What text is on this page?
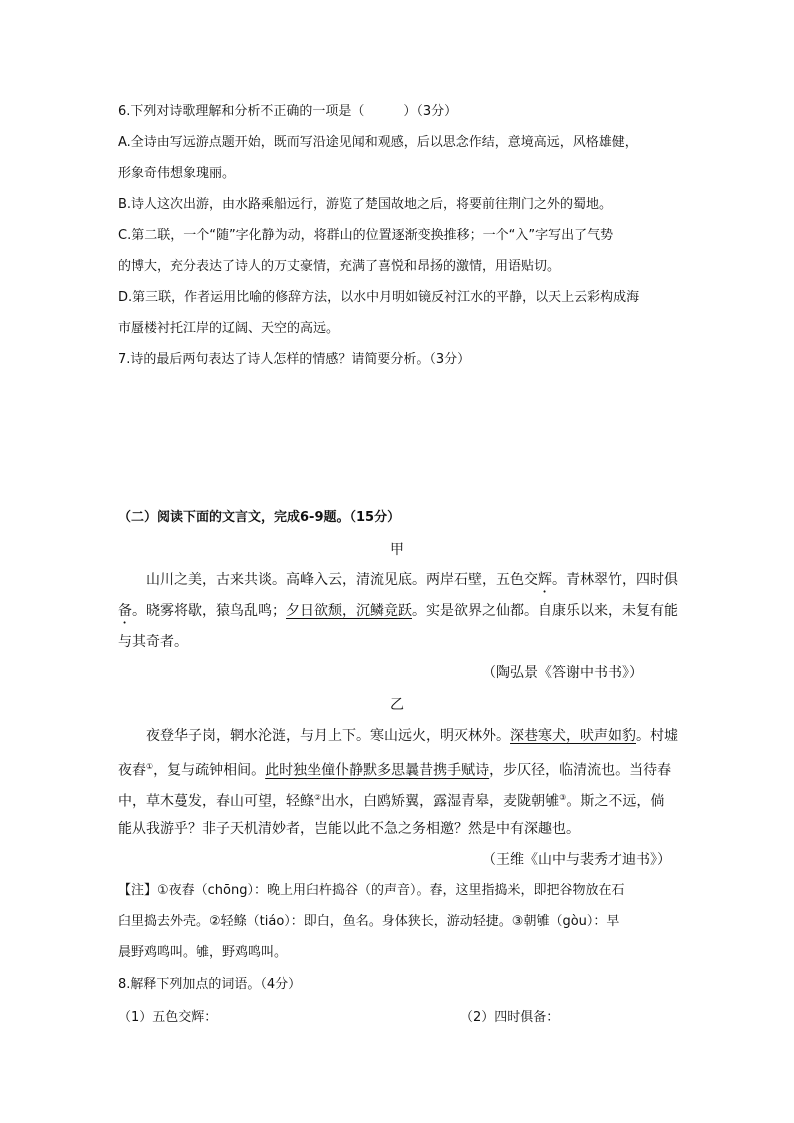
6.下列对诗歌理解和分析不正确的一项是（　　　）（3分）
A.全诗由写远游点题开始，既而写沿途见闻和观感，后以思念作结，意境高远，风格雄健，
形象奇伟想象瑰丽。
B.诗人这次出游，由水路乘船远行，游览了楚国故地之后，将要前往荆门之外的蜀地。
C.第二联，一个“随”字化静为动，将群山的位置逐渐变换推移；一个“入”字写出了气势
的博大，充分表达了诗人的万丈豪情，充满了喜悦和昂扬的激情，用语贴切。
D.第三联，作者运用比喻的修辞方法，以水中月明如镜反衬江水的平静，以天上云彩构成海
市蜃楼衬托江岸的辽阔、天空的高远。
7.诗的最后两句表达了诗人怎样的情感？请简要分析。（3分）
（二）阅读下面的文言文，完成6-9题。（15分）
甲
山川之美，古来共谈。高峰入云，清流见底。两岸石壁，五色交辉。青林翠竹，四时俱
备。晓雾将歇，猿鸟乱鸣；夕日欲颓，沉鳞竞跃。实是欲界之仙都。自康乐以来，未复有能
与其奇者。
（陶弘景《答谢中书书》）
乙
夜登华子岗，辋水沦涟，与月上下。寒山远火，明灭林外。深巷寒犬，吠声如豹。村墟
夜舂①，复与疏钟相间。此时独坐僮仆静默多思曩昔携手赋诗，步仄径，临清流也。当待春
中，草木蔓发，春山可望，轻鲦②出水，白鸥矫翼，露湿青皋，麦陇朝雊③。斯之不远，倘
能从我游乎？非子天机清妙者，岂能以此不急之务相邀？然是中有深趣也。
（王维《山中与裴秀才迪书》）
【注】①夜舂（chōng）：晚上用臼杵捣谷（的声音）。舂，这里指捣米，即把谷物放在石
臼里捣去外壳。②轻鲦（tiáo）：即白，鱼名。身体狭长，游动轻捷。③朝雊（gòu）：早
晨野鸡鸣叫。雊，野鸡鸣叫。
8.解释下列加点的词语。（4分）
（1）五色交辉：	（2）四时俱备：
